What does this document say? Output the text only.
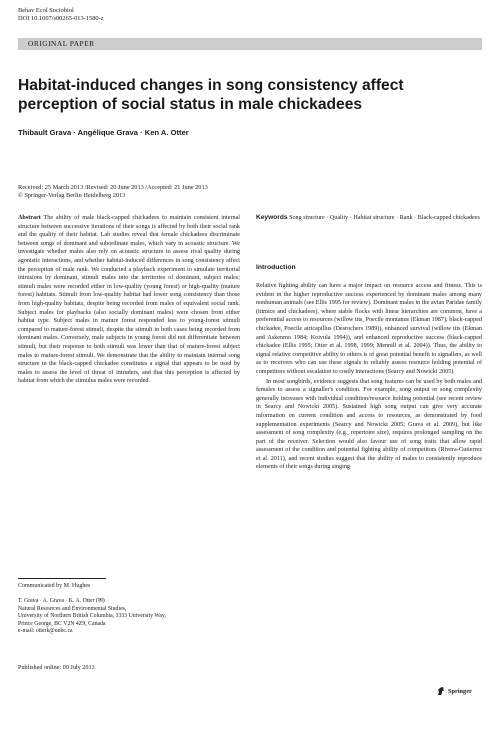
Behav Ecol Sociobiol
DOI 10.1007/s00265-013-1580-z
ORIGINAL PAPER
Habitat-induced changes in song consistency affect perception of social status in male chickadees
Thibault Grava · Angélique Grava · Ken A. Otter
Received: 25 March 2013 /Revised: 20 June 2013 /Accepted: 21 June 2013
© Springer-Verlag Berlin Heidelberg 2013
Abstract The ability of male black-capped chickadees to maintain consistent internal structure between successive iterations of their songs is affected by both their social rank and the quality of their habitat. Lab studies reveal that female chickadees discriminate between songs of dominant and subordinate males, which vary in acoustic structure. We investigate whether males also rely on acoustic structure to assess rival quality during agonistic interactions, and whether habitat-induced differences in song consistency affect the perception of male rank. We conducted a playback experiment to simulate territorial intrusions by dominant, stimuli males into the territories of dominant, subject males; stimuli males were recorded either in low-quality (young forest) or high-quality (mature forest) habitats. Stimuli from low-quality habitat had lower song consistency than those from high-quality habitats, despite being recorded from males of equivalent social rank. Subject males for playbacks (also socially dominant males) were chosen from either habitat type. Subject males in mature forest responded less to young-forest stimuli compared to mature-forest stimuli, despite the stimuli in both cases being recorded from dominant males. Conversely, male subjects in young forest did not differentiate between stimuli, but their response to both stimuli was lower than that of mature-forest subject males to mature-forest stimuli. We demonstrate that the ability to maintain internal song structure in the black-capped chickadee constitutes a signal that appears to be used by males to assess the level of threat of intruders, and that this perception is affected by habitat from which the stimulus males were recorded.
Keywords Song structure · Quality · Habitat structure · Rank · Black-capped chickadees
Introduction

Relative fighting ability can have a major impact on resource access and fitness. This is evident in the higher reproductive success experienced by dominant males among many nonhuman animals (see Ellis 1995 for review). Dominant males in the avian Paridae family (titmice and chickadees), where stable flocks with linear hierarchies are common, have a preferential access to resources (willow tits, Poecile montanus (Ekman 1987); black-capped chickadee, Poecile atricapillus (Desrochers 1989)), enhanced survival (willow tits (Ekman and Askenmo 1984; Koivula 1994)), and enhanced reproductive success (black-capped chickadee (Ellis 1995; Otter et al. 1998, 1999; Mennill et al. 2004)). Thus, the ability to signal relative competitive ability to others is of great potential benefit to signallers, as well as to receivers who can use these signals to reliably assess resource holding potential of competitors without escalation to costly interactions (Searcy and Nowicki 2005).

In most songbirds, evidence suggests that song features can be used by both males and females to assess a signaller's condition. For example, song output or song complexity generally increases with individual condition/resource holding potential (see recent review in Searcy and Nowicki 2005). Sustained high song output can give very accurate information on current condition and access to resources, as demonstrated by food supplementation experiments (Searcy and Nowicki 2005; Grava et al. 2009), but like assessment of song complexity (e.g., repertoire size), requires prolonged sampling on the part of the receiver. Selection would also favour use of song traits that allow rapid assessment of the condition and potential fighting ability of competitors (Rivera-Gutierrez et al. 2011), and recent studies suggest that the ability of males to consistently reproduce elements of their songs during singing

Communicated by M. Hughes
T. Grava · A. Grava · K. A. Otter (✉)
Natural Resources and Environmental Studies,
University of Northern British Columbia, 3333 University Way,
Prince George, BC V2N 4Z9, Canada
e-mail: otterk@unbc.ca
Published online: 09 July 2013
Springer
